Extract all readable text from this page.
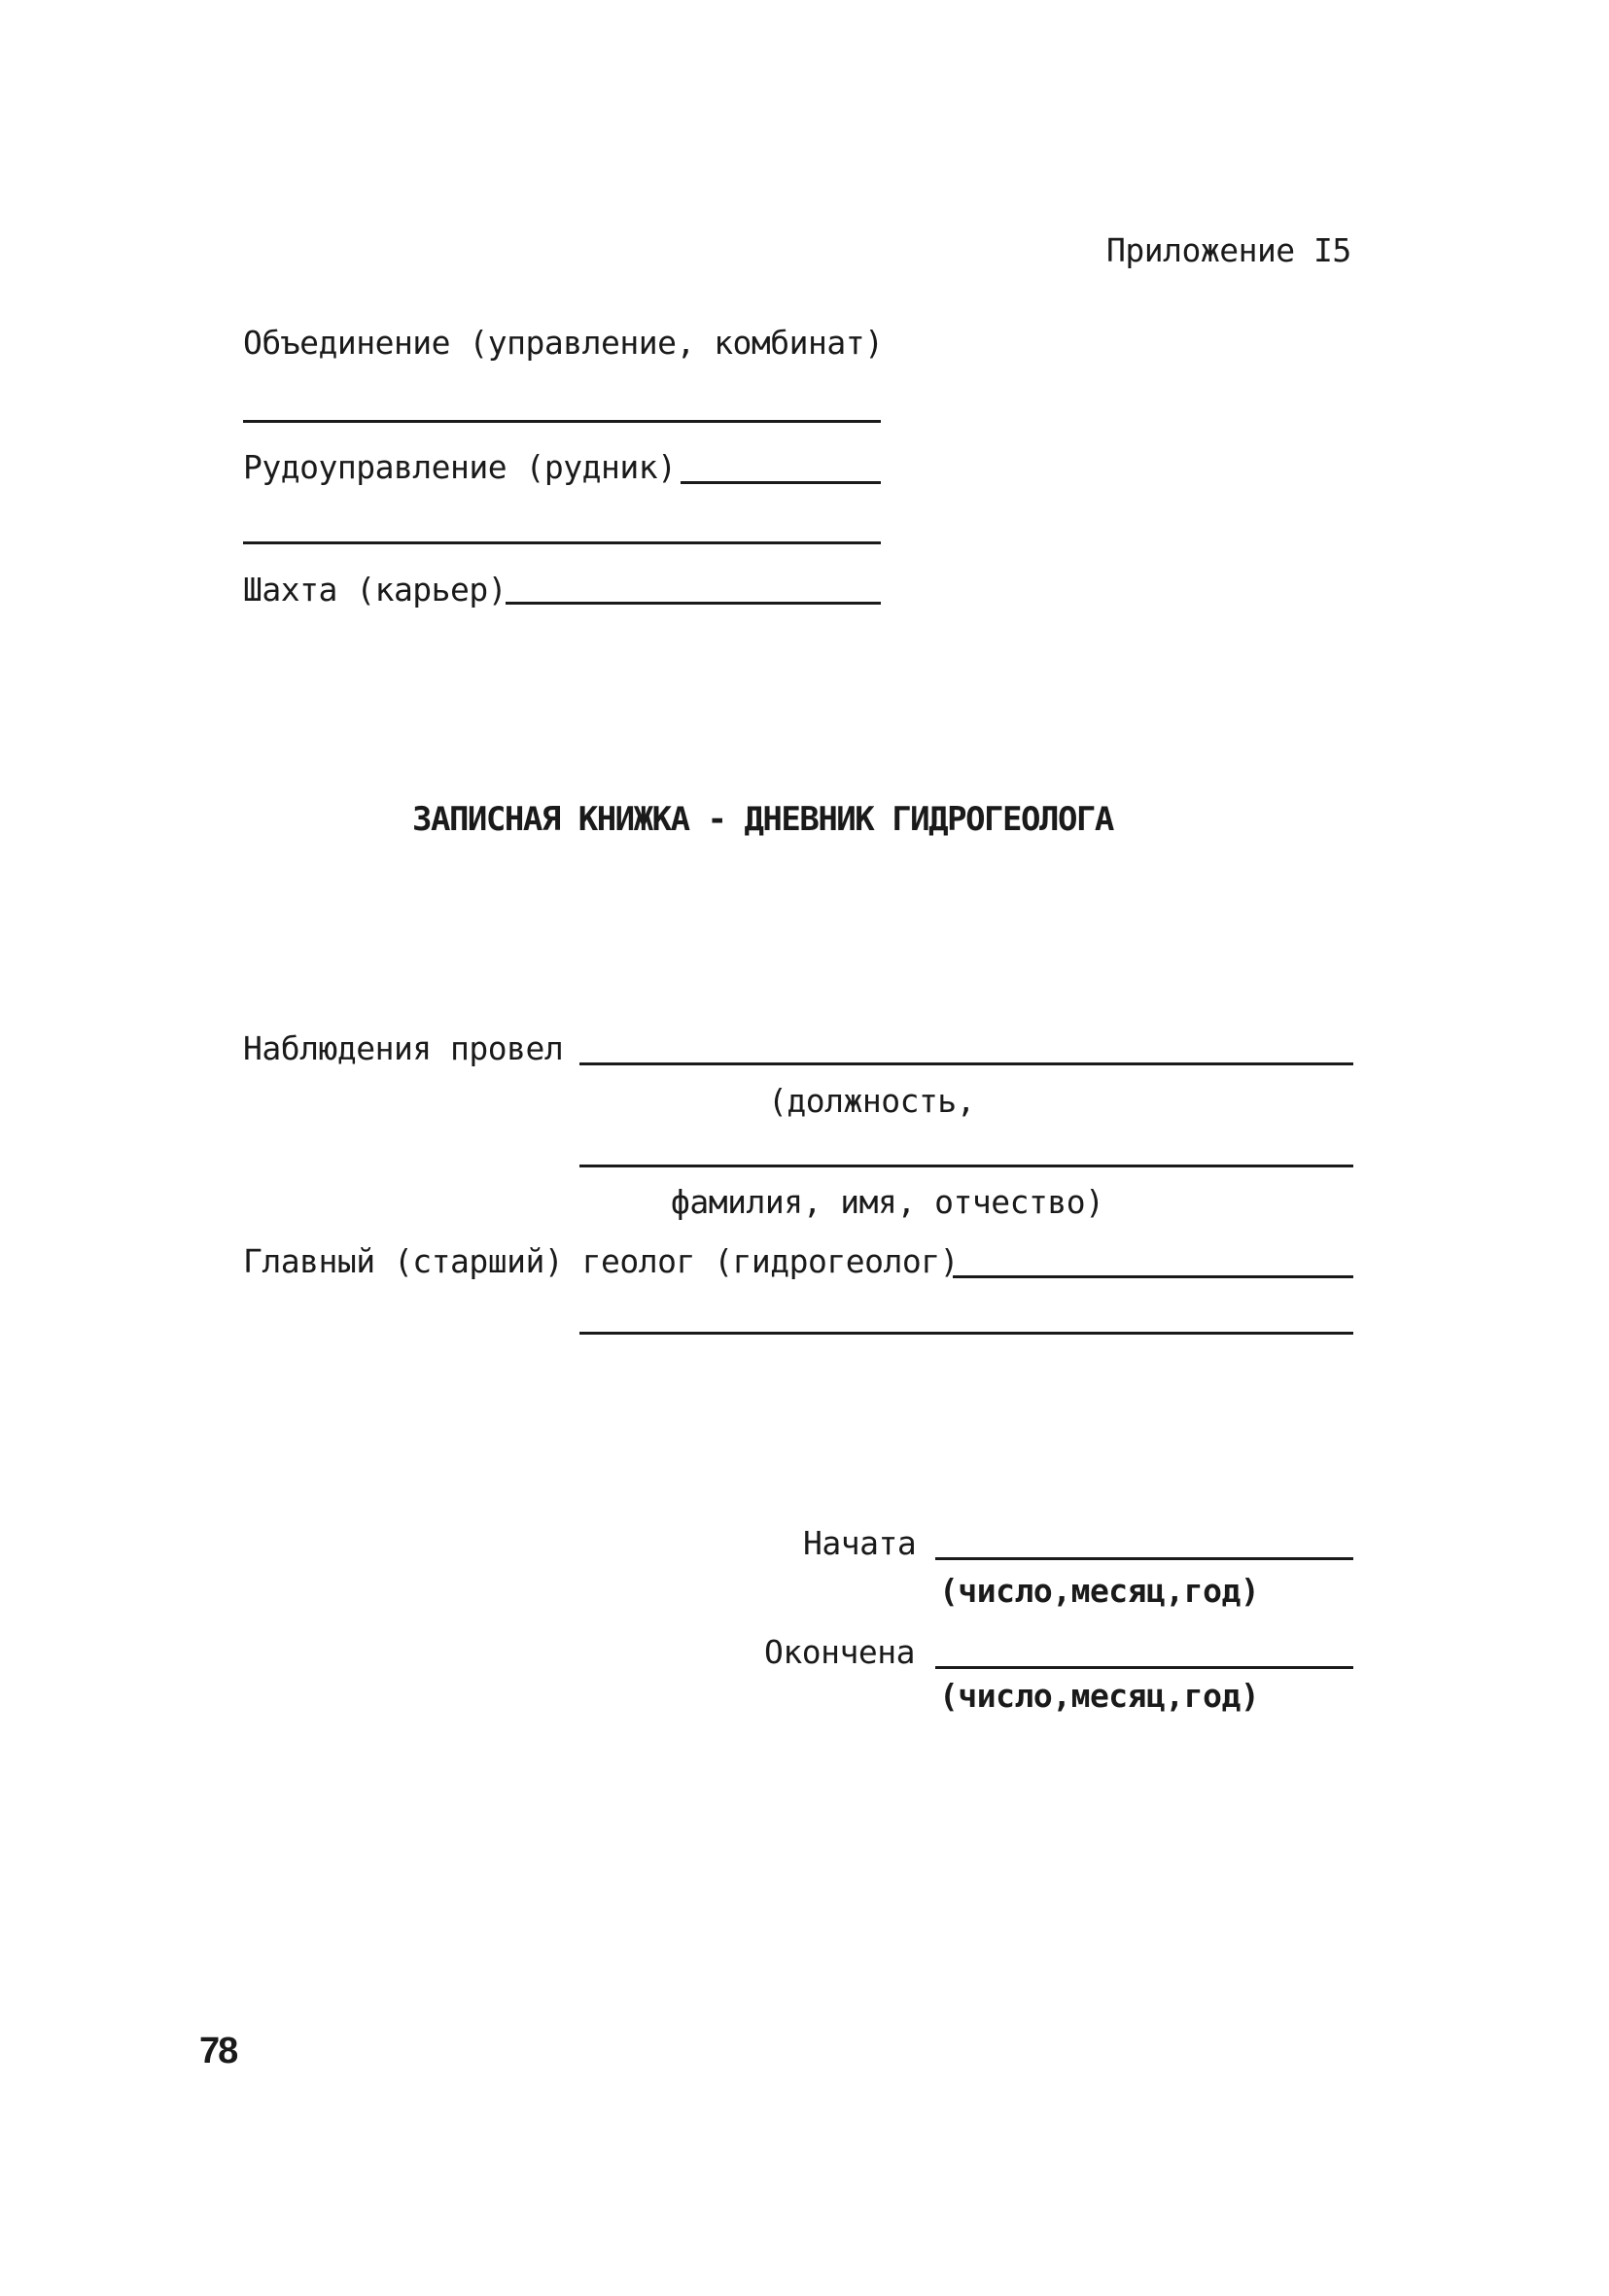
Приложение I5
Объединение (управление, комбинат)
Рудоуправление (рудник)
Шахта (карьер)
ЗАПИСНАЯ КНИЖКА - ДНЕВНИК ГИДРОГЕОЛОГА
Наблюдения провел
(должность,
фамилия, имя, отчество)
Главный (старший) геолог (гидрогеолог)
Начата
(число,месяц,год)
Окончена
(число,месяц,год)
78
